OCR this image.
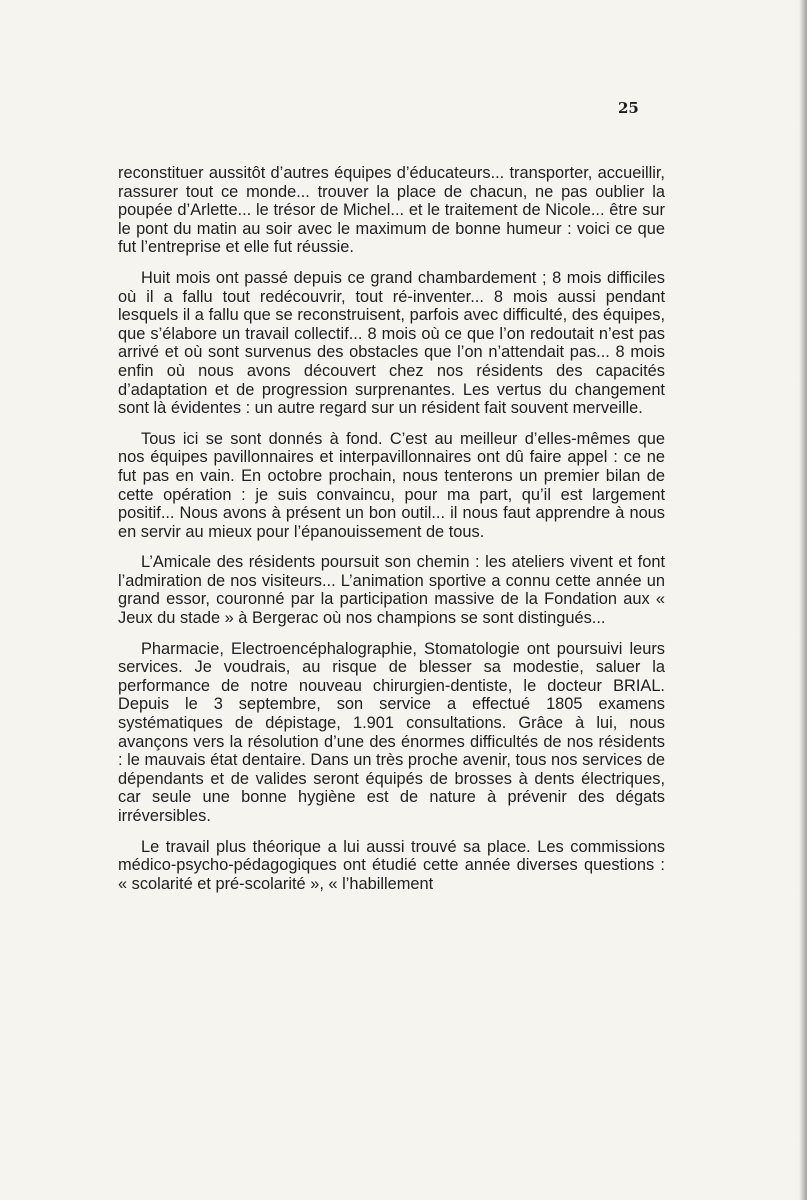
25

reconstituer aussitôt d’autres équipes d’éducateurs... transporter, accueillir, rassurer tout ce monde... trouver la place de chacun, ne pas oublier la poupée d’Arlette... le trésor de Michel... et le traitement de Nicole... être sur le pont du matin au soir avec le maximum de bonne humeur : voici ce que fut l’entreprise et elle fut réussie.

Huit mois ont passé depuis ce grand chambardement ; 8 mois difficiles où il a fallu tout redécouvrir, tout ré-inventer... 8 mois aussi pendant lesquels il a fallu que se reconstruisent, parfois avec difficulté, des équipes, que s’élabore un travail collectif... 8 mois où ce que l’on redoutait n’est pas arrivé et où sont survenus des obstacles que l’on n’attendait pas... 8 mois enfin où nous avons découvert chez nos résidents des capacités d’adaptation et de progression surprenantes. Les vertus du changement sont là évidentes : un autre regard sur un résident fait souvent merveille.

Tous ici se sont donnés à fond. C’est au meilleur d’elles-mêmes que nos équipes pavillonnaires et interpavillonnaires ont dû faire appel : ce ne fut pas en vain. En octobre prochain, nous tenterons un premier bilan de cette opération : je suis convaincu, pour ma part, qu’il est largement positif... Nous avons à présent un bon outil... il nous faut apprendre à nous en servir au mieux pour l’épanouissement de tous.

L’Amicale des résidents poursuit son chemin : les ateliers vivent et font l’admiration de nos visiteurs... L’animation sportive a connu cette année un grand essor, couronné par la participation massive de la Fondation aux « Jeux du stade » à Bergerac où nos champions se sont distingués...

Pharmacie, Electroencéphalographie, Stomatologie ont poursuivi leurs services. Je voudrais, au risque de blesser sa modestie, saluer la performance de notre nouveau chirurgien-dentiste, le docteur BRIAL. Depuis le 3 septembre, son service a effectué 1805 examens systématiques de dépistage, 1.901 consultations. Grâce à lui, nous avançons vers la résolution d’une des énormes difficultés de nos résidents : le mauvais état dentaire. Dans un très proche avenir, tous nos services de dépendants et de valides seront équipés de brosses à dents électriques, car seule une bonne hygiène est de nature à prévenir des dégats irréversibles.

Le travail plus théorique a lui aussi trouvé sa place. Les commissions médico-psycho-pédagogiques ont étudié cette année diverses questions : « scolarité et pré-scolarité », « l’habillement
